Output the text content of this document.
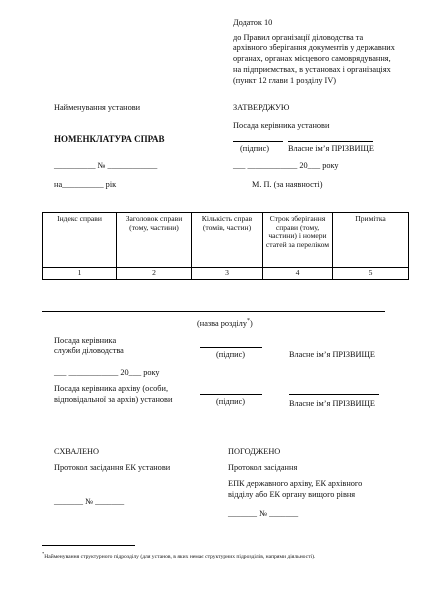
Додаток 10
до Правил організації діловодства та
архівного зберігання документів у державних
органах, органах місцевого самоврядування,
на підприємствах, в установах і організаціях
(пункт 12 глави 1 розділу IV)
Найменування установи
НОМЕНКЛАТУРА СПРАВ
__________ № ____________
на__________ рік
ЗАТВЕРДЖУЮ
Посада керівника установи
(підпис) Власне ім’я ПРІЗВИЩЕ
___ ____________ 20___ року
М. П. (за наявності)
Індекс справи	Заголовок справи (тому, частини)	Кількість справ (томів, частин)	Строк зберігання справи (тому, частини) і номери статей за переліком	Примітка
1	2	3	4	5
(назва розділу*)
Посада керівника
служби діловодства	(підпис)	Власне ім’я ПРІЗВИЩЕ
___ ____________ 20___ року
Посада керівника архіву (особи,
відповідальної за архів) установи	(підпис)	Власне ім’я ПРІЗВИЩЕ
СХВАЛЕНО
Протокол засідання ЕК установи
_______ № _______
ПОГОДЖЕНО
Протокол засідання
ЕПК державного архіву, ЕК архівного
відділу або ЕК органу вищого рівня
_______ № _______
*Найменування структурного підрозділу (для установ, в яких немає структурних підрозділів, напрями діяльності).
